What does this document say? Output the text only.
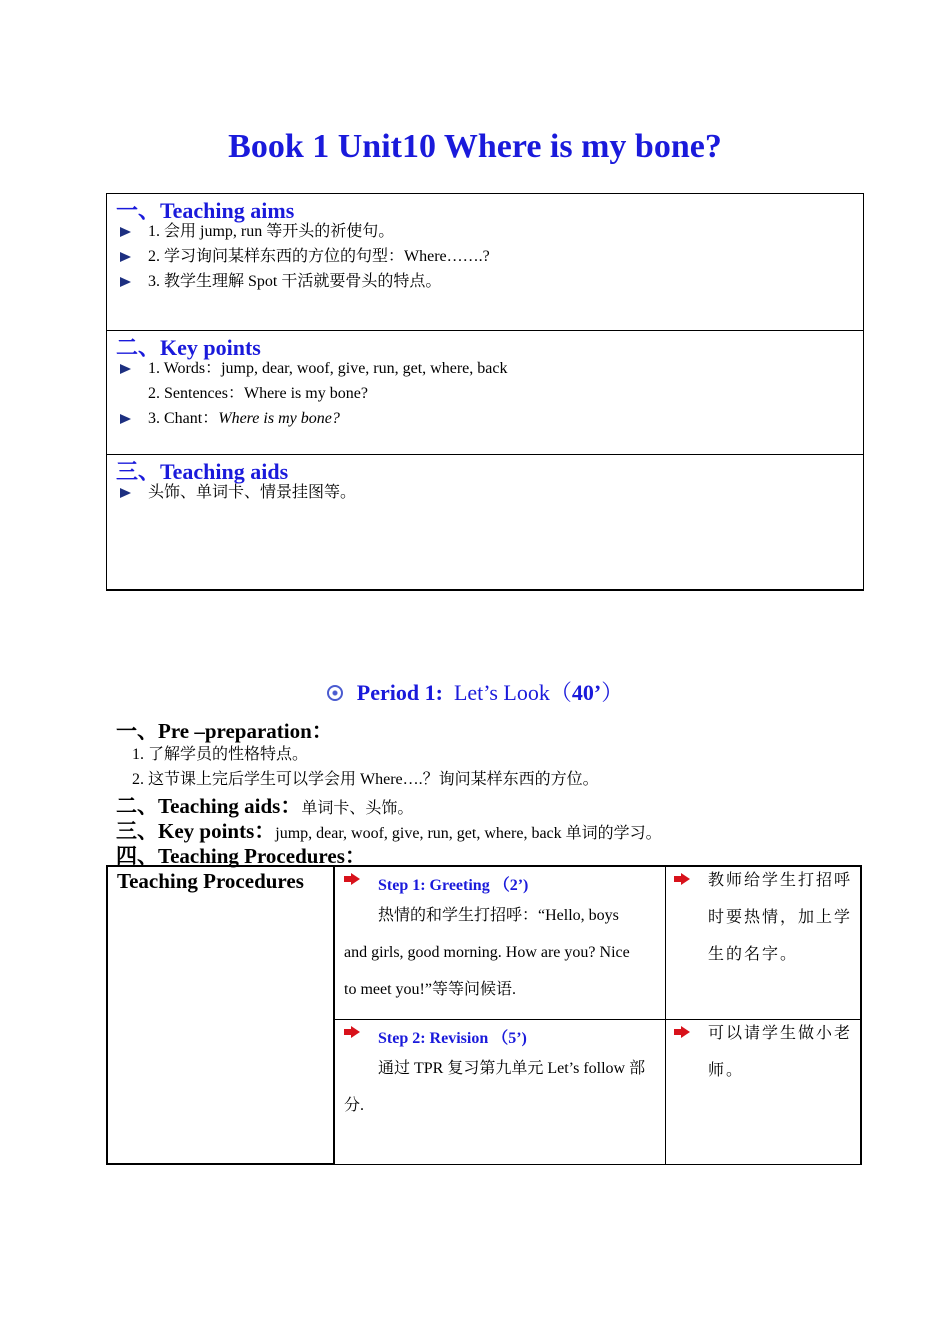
Book 1 Unit10 Where is my bone?
一、Teaching aims
1. 会用 jump, run 等开头的祈使句。
2. 学习询问某样东西的方位的句型：Where…….?
3. 教学生理解 Spot 干活就要骨头的特点。
二、Key points
1. Words：jump, dear, woof, give, run, get, where, back
2. Sentences：Where is my bone?
3. Chant：Where is my bone?
三、Teaching aids
头饰、单词卡、情景挂图等。
Period 1: Let’s Look（40’）
一、Pre –preparation：
1. 了解学员的性格特点。
2. 这节课上完后学生可以学会用 Where….？询问某样东西的方位。
二、Teaching aids：单词卡、头饰。
三、Key points：jump, dear, woof, give, run, get, where, back 单词的学习。
四、Teaching Procedures：
Teaching Procedures	Step 1: Greeting （2’)
热情的和学生打招呼：“Hello, boys
and girls, good morning. How are you? Nice
to meet you!”等等问候语.
教师给学生打招呼
时要热情，加上学
生的名字。
Step 2: Revision （5’)
通过 TPR 复习第九单元 Let’s follow 部
分.
可以请学生做小老
师。
